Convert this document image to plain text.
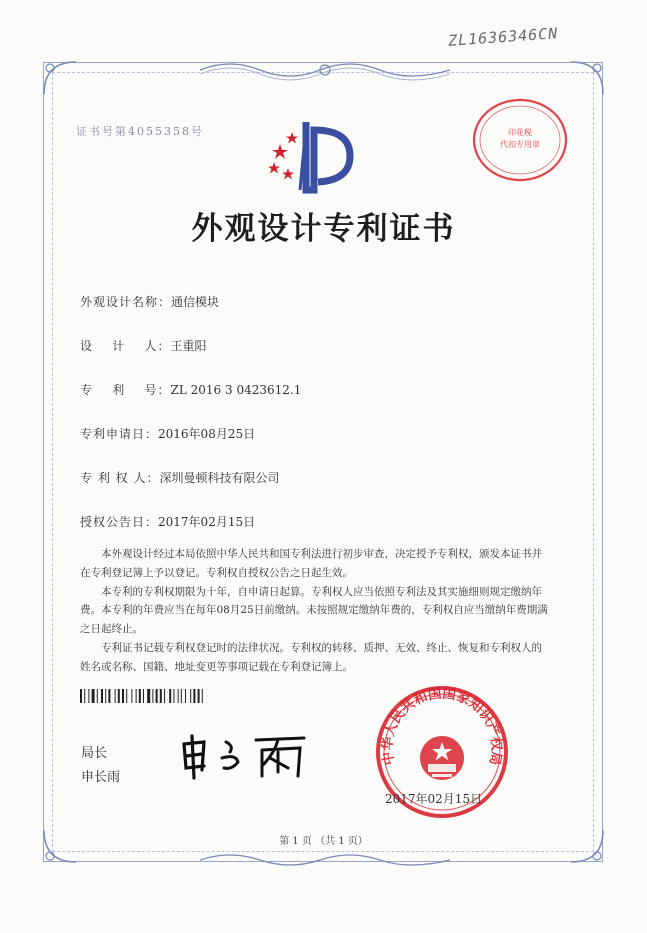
ZL1636346CN
证书号第4055358号	印花税
代扣专用章
外观设计专利证书
外观设计名称：通信模块
设    计    人：王重阳
专    利    号：ZL 2016 3 0423612.1
专利申请日：2016年08月25日
专 利 权 人：深圳曼顿科技有限公司
授权公告日：2017年02月15日

本外观设计经过本局依照中华人民共和国专利法进行初步审查，决定授予专利权，颁发本证书并在专利登记簿上予以登记。专利权自授权公告之日起生效。

本专利的专利权期限为十年，自申请日起算。专利权人应当依照专利法及其实施细则规定缴纳年费。本专利的年费应当在每年08月25日前缴纳。未按照规定缴纳年费的，专利权自应当缴纳年费期满之日起终止。

专利证书记载专利权登记时的法律状况。专利权的转移、质押、无效、终止、恢复和专利权人的姓名或名称、国籍、地址变更等事项记载在专利登记簿上。

局长
申长雨
中华人民共和国国家知识产权局
2017年02月15日
第 1 页 （共 1 页）
